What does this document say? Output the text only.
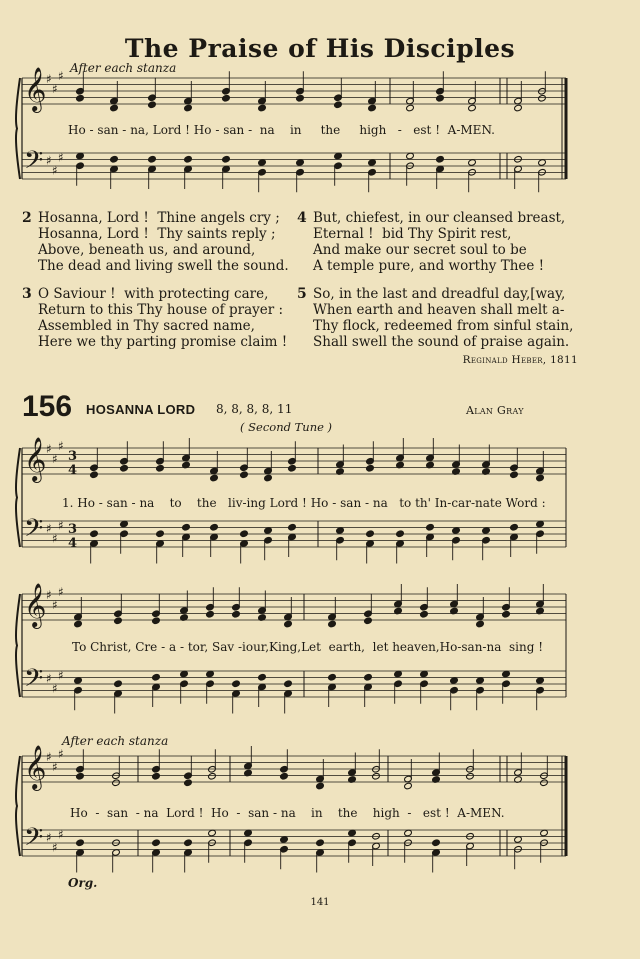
The Praise of His Disciples
After each stanza
𝄞
𝄢
♯
♯
♯
♯
♯
♯
Ho - san - na, Lord ! Ho - san - na in the high - est ! A-MEN.
2 Hosanna, Lord !  Thine angels cry ;
Hosanna, Lord !  Thy saints reply ;
Above, beneath us, and around,
The dead and living swell the sound.
3 O Saviour !  with protecting care,
Return to this Thy house of prayer :
Assembled in Thy sacred name,
Here we thy parting promise claim !
4 But, chiefest, in our cleansed breast,
Eternal !  bid Thy Spirit rest,
And make our secret soul to be
A temple pure, and worthy Thee !
5 So, in the last and dreadful day,[way,
When earth and heaven shall melt a-
Thy flock, redeemed from sinful stain,
Shall swell the sound of praise again.
Reginald Heber, 1811
156 HOSANNA LORD 8, 8, 8, 8, 11	Alan Gray
( Second Tune )
𝄞
𝄢
♯
♯
♯
♯
♯
♯
3
4
3
4
1. Ho - san - na to the liv-ing Lord ! Ho - san - na to th' In-car-nate Word :
𝄞
𝄢
♯
♯
♯
♯
♯
♯
To Christ, Cre - a - tor, Sav -iour,King,Let earth, let heaven,Ho-san-na sing !
After each stanza
𝄞
𝄢
♯
♯
♯
♯
♯
♯
Ho - san - na Lord ! Ho - san - na in the high - est ! A-MEN.
Org.
141
